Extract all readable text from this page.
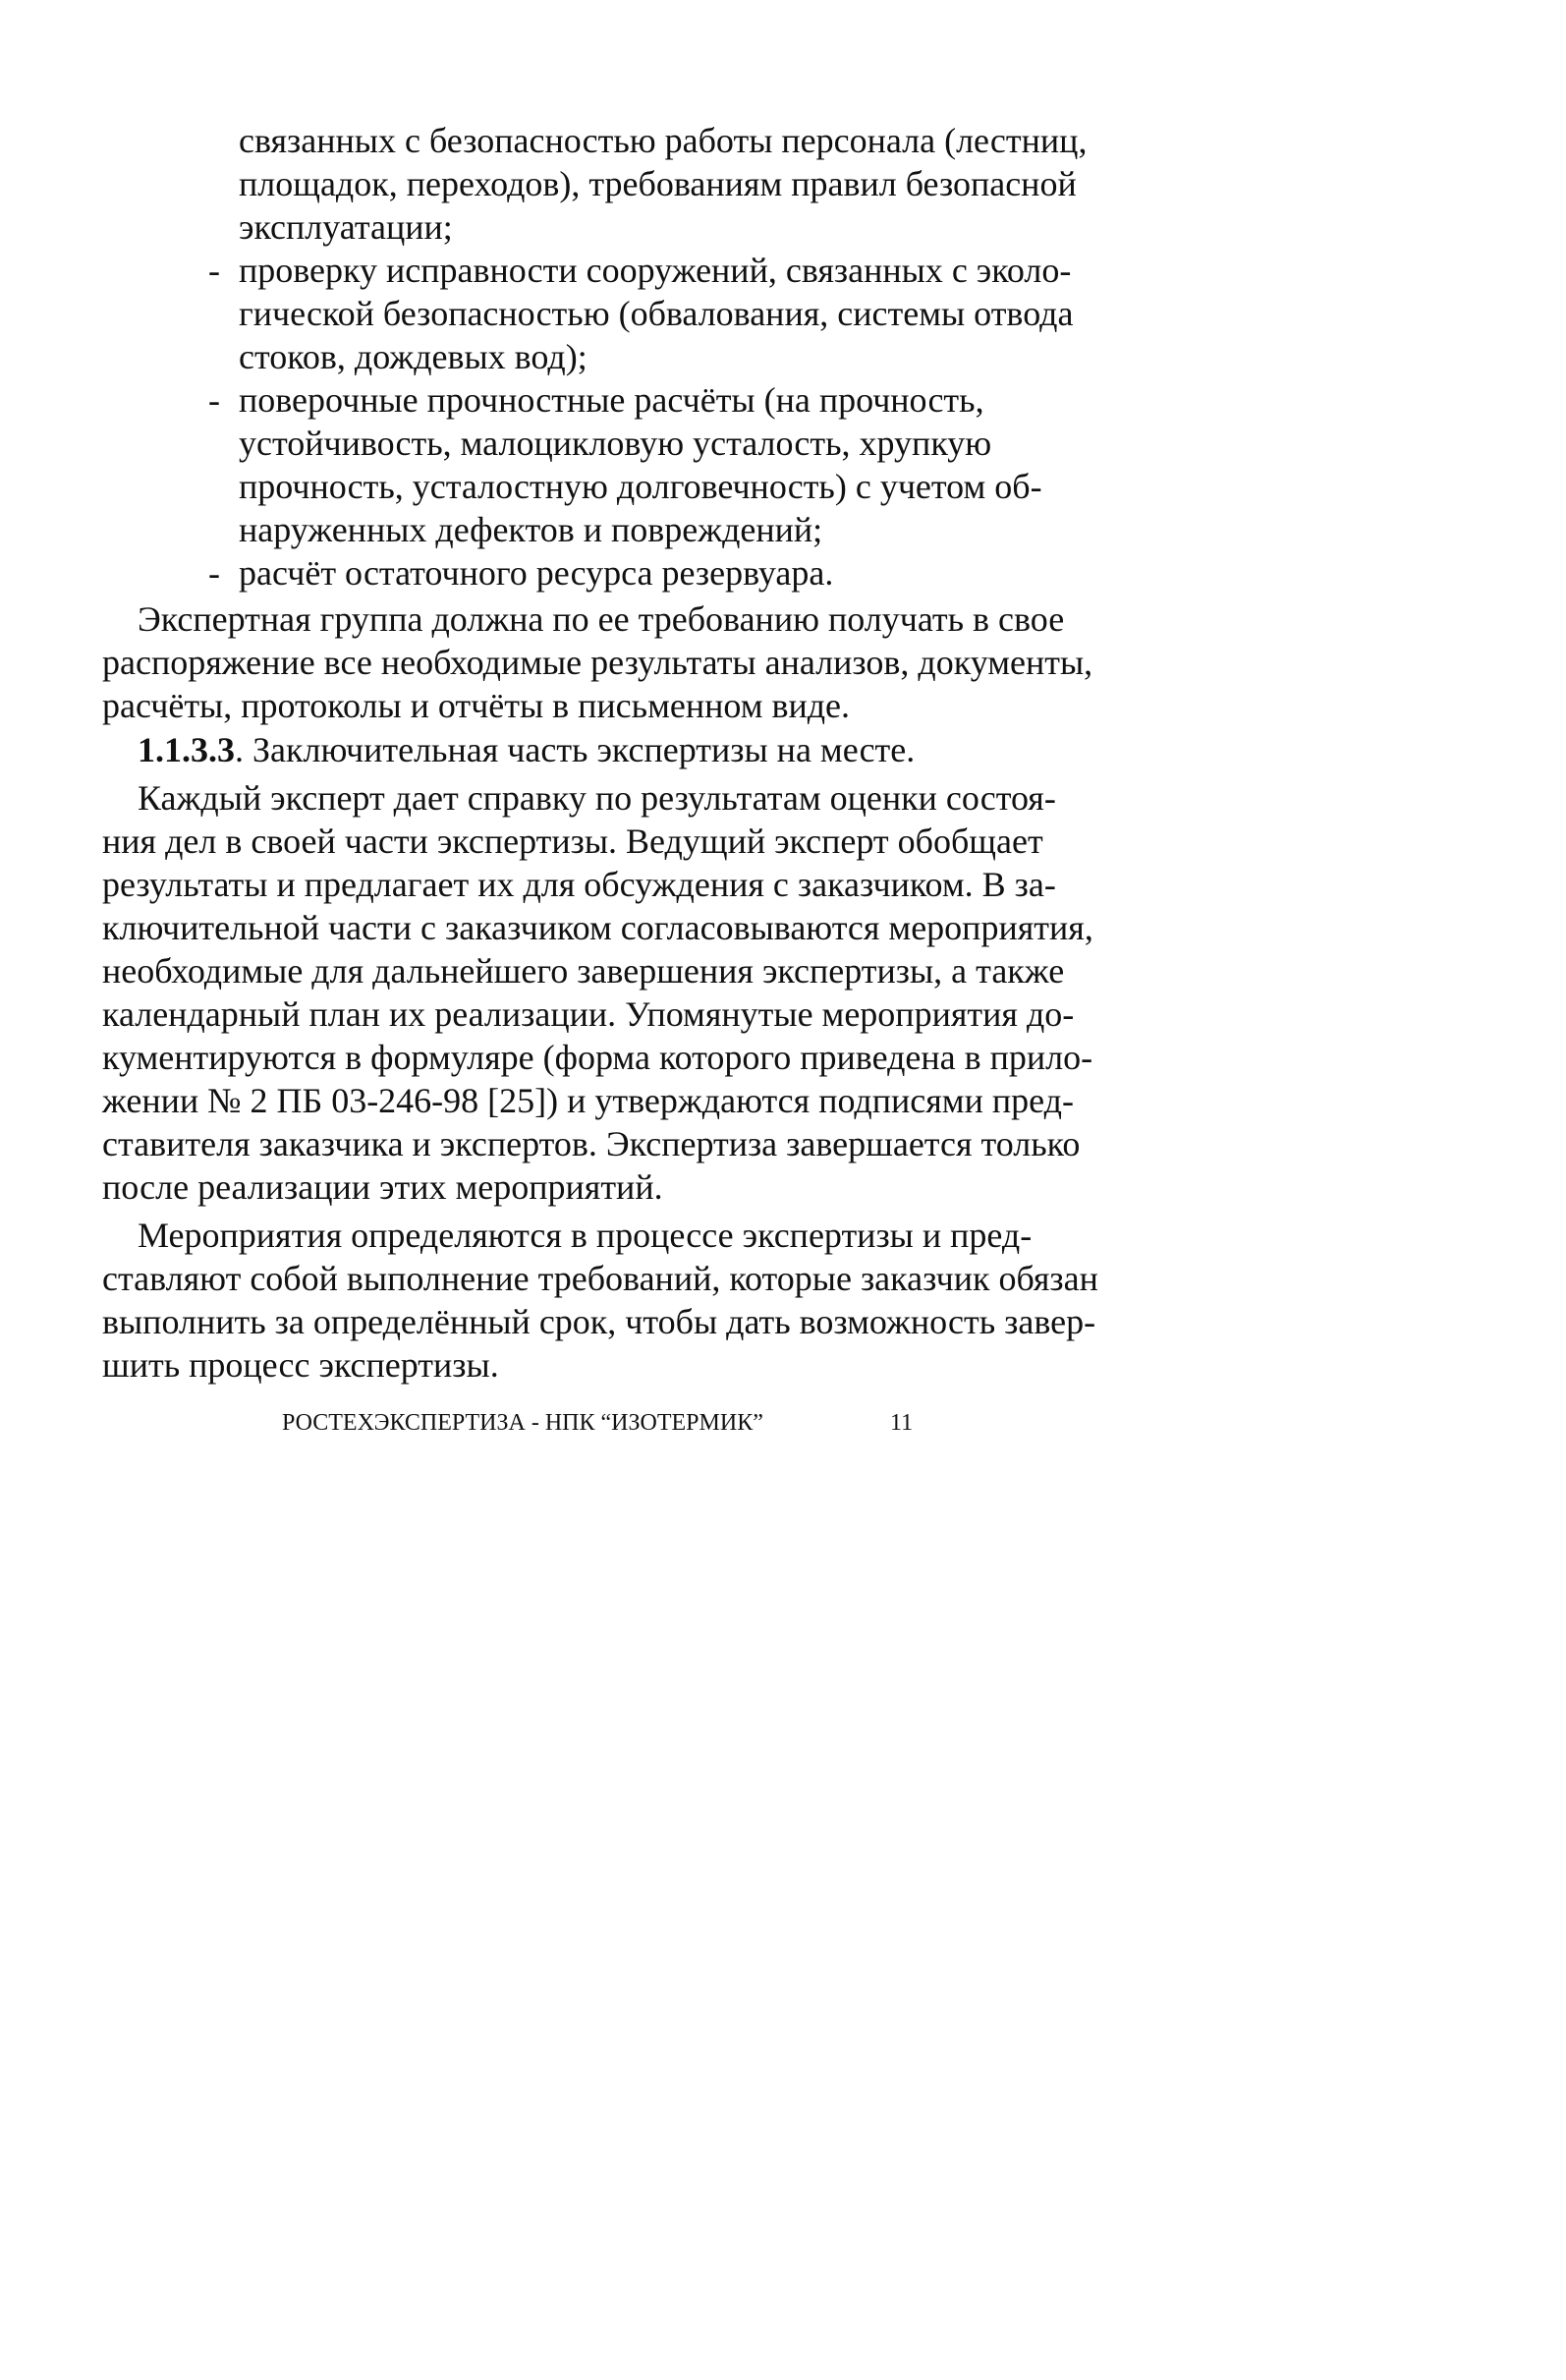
связанных с безопасностью работы персонала (лестниц,
площадок, переходов), требованиям правил безопасной
эксплуатации;
- проверку исправности сооружений, связанных с эколо-
гической безопасностью (обвалования, системы отвода
стоков, дождевых вод);
- поверочные прочностные расчёты (на прочность,
устойчивость, малоцикловую усталость, хрупкую
прочность, усталостную долговечность) с учетом об-
наруженных дефектов и повреждений;
- расчёт остаточного ресурса резервуара.
Экспертная группа должна по ее требованию получать в свое
распоряжение все необходимые результаты анализов, документы,
расчёты, протоколы и отчёты в письменном виде.
1.1.3.3. Заключительная часть экспертизы на месте.
Каждый эксперт дает справку по результатам оценки состоя-
ния дел в своей части экспертизы. Ведущий эксперт обобщает
результаты и предлагает их для обсуждения с заказчиком. В за-
ключительной части с заказчиком согласовываются мероприятия,
необходимые для дальнейшего завершения экспертизы, а также
календарный план их реализации. Упомянутые мероприятия до-
кументируются в формуляре (форма которого приведена в прило-
жении № 2 ПБ 03-246-98 [25]) и утверждаются подписями пред-
ставителя заказчика и экспертов. Экспертиза завершается только
после реализации этих мероприятий.
Мероприятия определяются в процессе экспертизы и пред-
ставляют собой выполнение требований, которые заказчик обязан
выполнить за определённый срок, чтобы дать возможность завер-
шить процесс экспертизы.
РОСТЕХЭКСПЕРТИЗА - НПК “ИЗОТЕРМИК”	11
